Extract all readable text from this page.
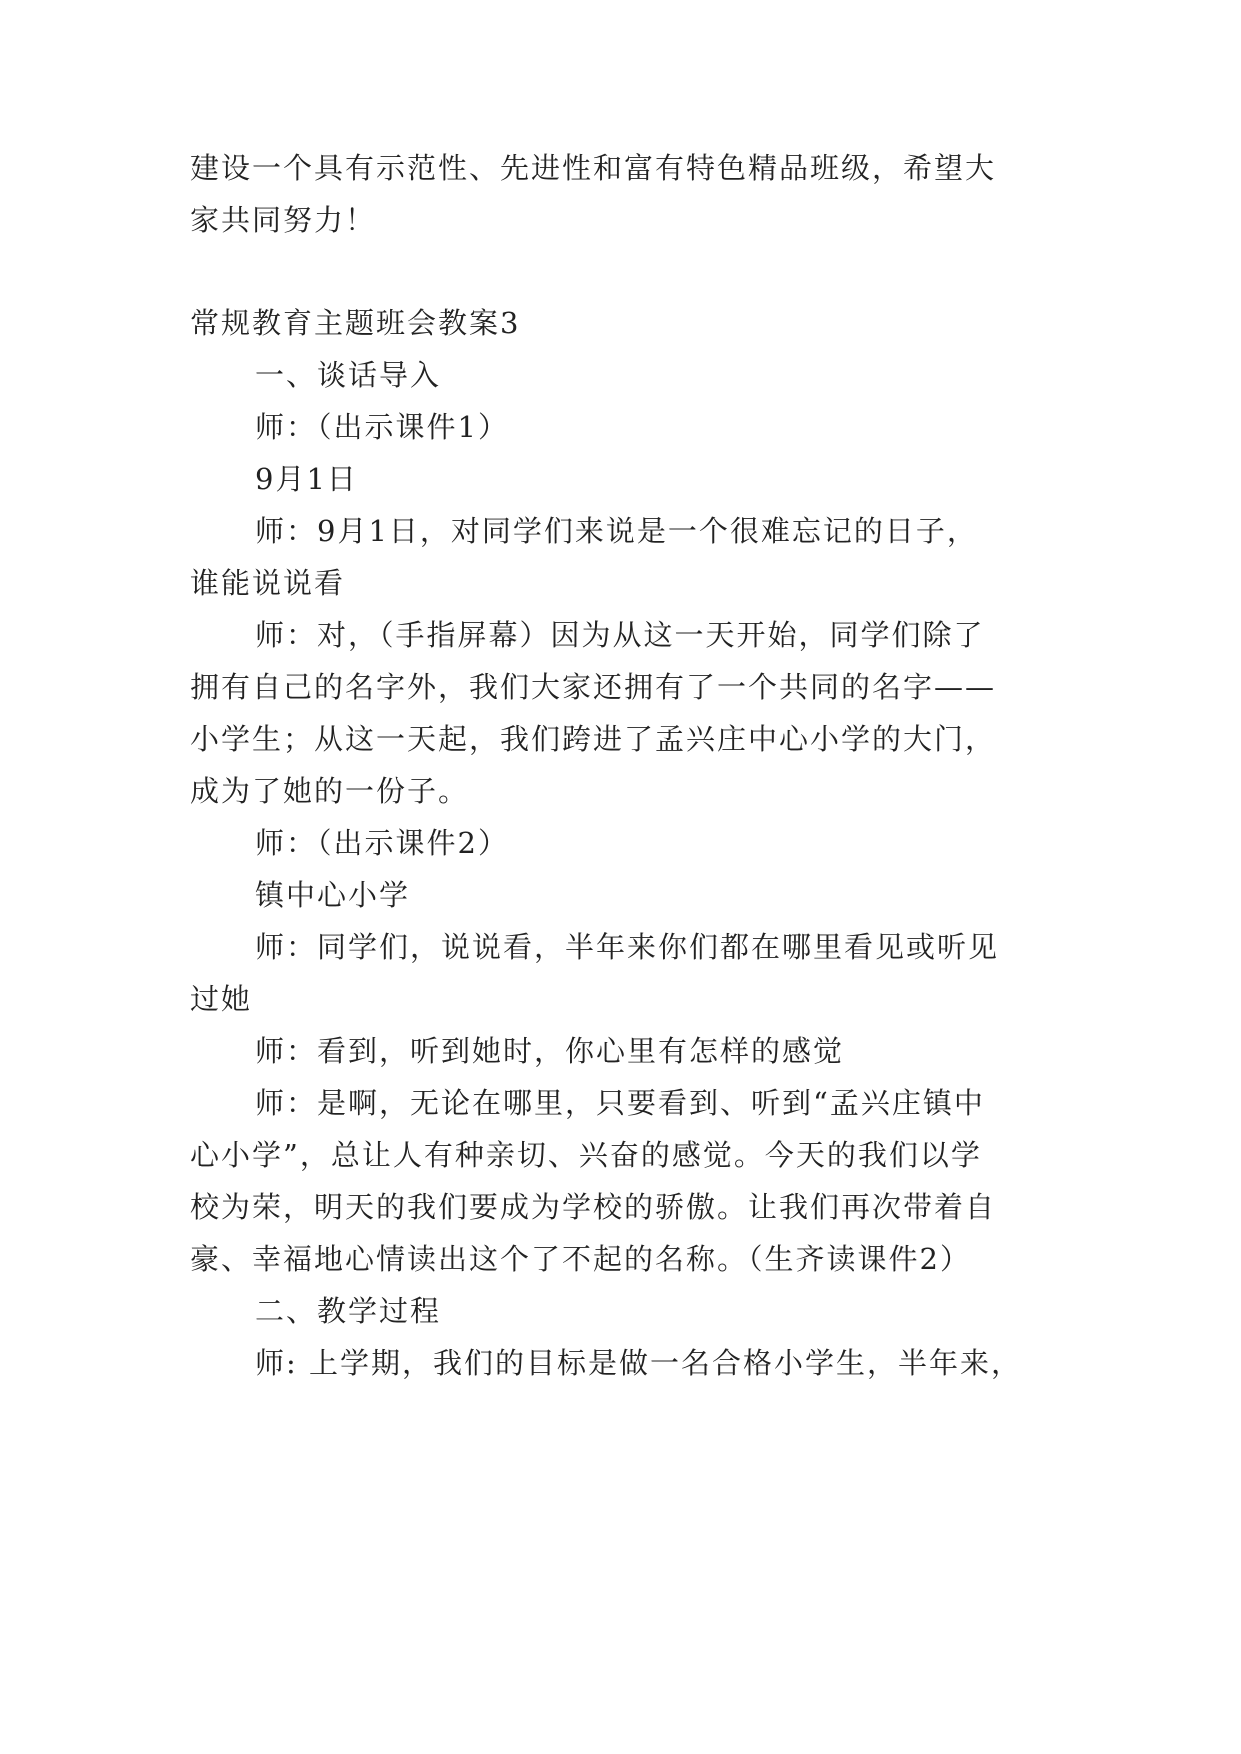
建设一个具有示范性、先进性和富有特色精品班级，希望大

家共同努力！

常规教育主题班会教案3

一、谈话导入

师：（出示课件1）

9月1日

师：9月1日，对同学们来说是一个很难忘记的日子，

谁能说说看

师：对，（手指屏幕）因为从这一天开始，同学们除了

拥有自己的名字外，我们大家还拥有了一个共同的名字——

小学生；从这一天起，我们跨进了孟兴庄中心小学的大门，

成为了她的一份子。

师：（出示课件2）

镇中心小学

师：同学们，说说看，半年来你们都在哪里看见或听见

过她

师：看到，听到她时，你心里有怎样的感觉

师：是啊，无论在哪里，只要看到、听到“孟兴庄镇中

心小学”，总让人有种亲切、兴奋的感觉。今天的我们以学

校为荣，明天的我们要成为学校的骄傲。让我们再次带着自

豪、幸福地心情读出这个了不起的名称。（生齐读课件2）

二、教学过程

师: 上学期，我们的目标是做一名合格小学生，半年来，
